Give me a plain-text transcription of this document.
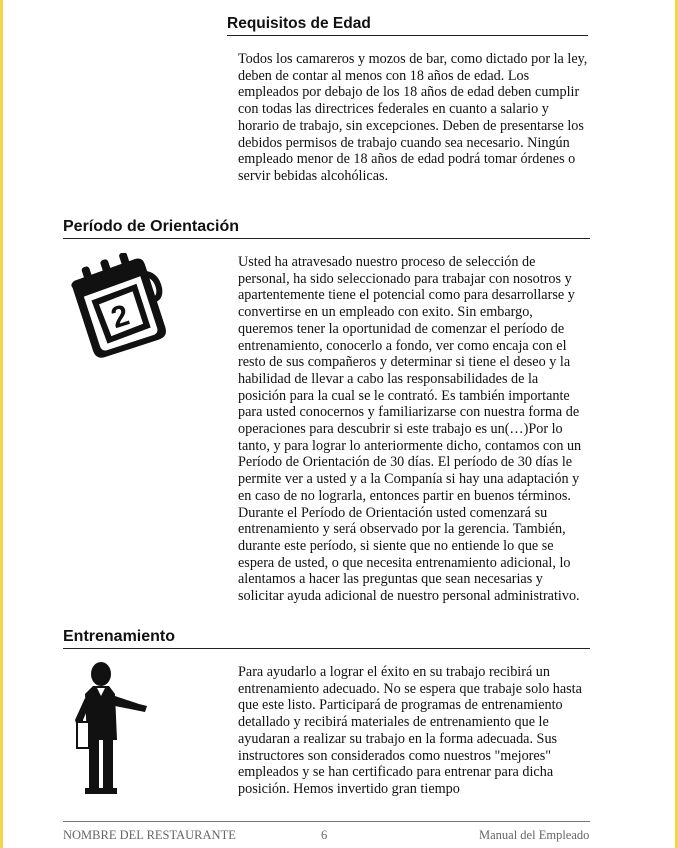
Requisitos de Edad

Todos los camareros y mozos de bar, como dictado por la ley, deben de contar al menos con 18 años de edad. Los empleados por debajo de los 18 años de edad deben cumplir con todas las directrices federales en cuanto a salario y horario de trabajo, sin excepciones. Deben de presentarse los debidos permisos de trabajo cuando sea necesario. Ningún empleado menor de 18 años de edad podrá tomar órdenes o servir bebidas alcohólicas.

Período de Orientación
2

Usted ha atravesado nuestro proceso de selección de personal, ha sido seleccionado para trabajar con nosotros y apartentemente tiene el potencial como para desarrollarse y convertirse en un empleado con exito. Sin embargo, queremos tener la oportunidad de comenzar el período de entrenamiento, conocerlo a fondo, ver como encaja con el resto de sus compañeros y determinar si tiene el deseo y la habilidad de llevar a cabo las responsabilidades de la posición para la cual se le contrató. Es también importante para usted conocernos y familiarizarse con nuestra forma de operaciones para descubrir si este trabajo es un(…)Por lo tanto, y para lograr lo anteriormente dicho, contamos con un Período de Orientación de 30 días. El período de 30 días le permite ver a usted y a la Companía si hay una adaptación y en caso de no lograrla, entonces partir en buenos términos. Durante el Período de Orientación usted comenzará su entrenamiento y será observado por la gerencia. También, durante este período, si siente que no entiende lo que se espera de usted, o que necesita entrenamiento adicional, lo alentamos a hacer las preguntas que sean necesarias y solicitar ayuda adicional de nuestro personal administrativo.

Entrenamiento

Para ayudarlo a lograr el éxito en su trabajo recibirá un entrenamiento adecuado. No se espera que trabaje solo hasta que este listo. Participará de programas de entrenamiento detallado y recibirá materiales de entrenamiento que le ayudaran a realizar su trabajo en la forma adecuada. Sus instructores son considerados como nuestros "mejores" empleados y se han certificado para entrenar para dicha posición. Hemos invertido gran tiempo

NOMBRE DEL RESTAURANTE	6	Manual del Empleado
